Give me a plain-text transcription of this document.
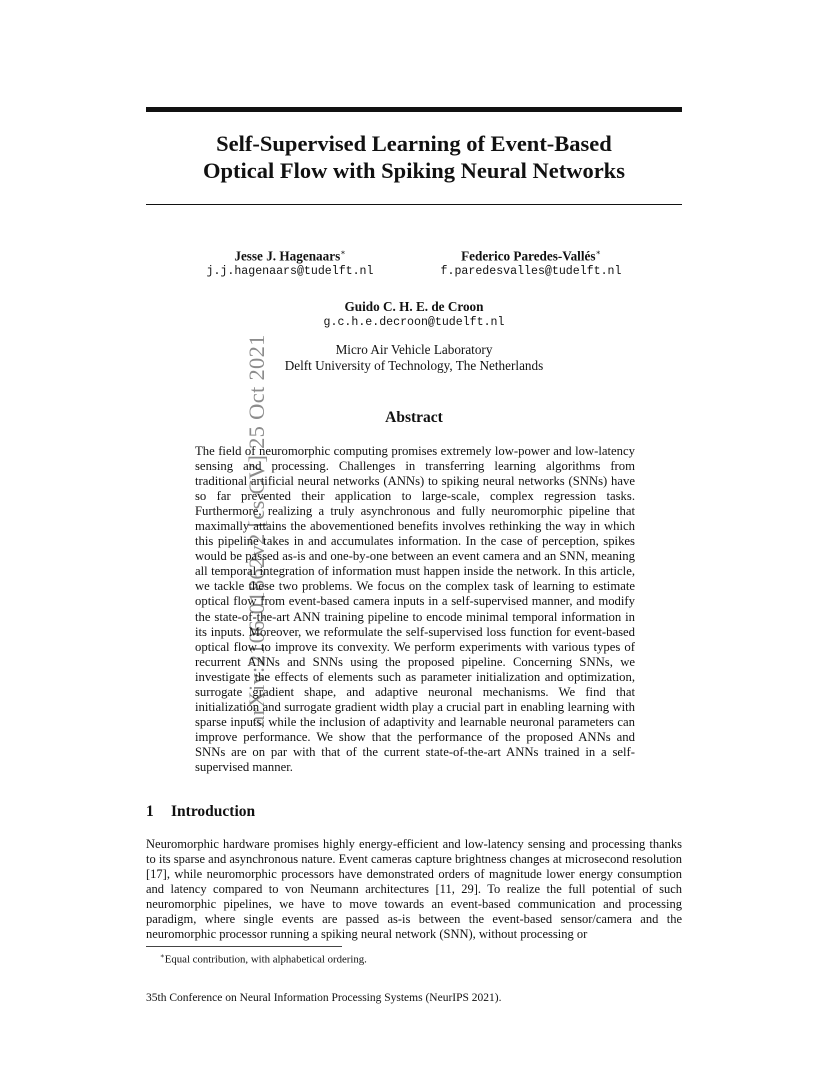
arXiv:2106.01862v2 [cs.CV] 25 Oct 2021
Self-Supervised Learning of Event-Based
Optical Flow with Spiking Neural Networks
Jesse J. Hagenaars∗
j.j.hagenaars@tudelft.nl
Federico Paredes-Vallés∗
f.paredesvalles@tudelft.nl
Guido C. H. E. de Croon
g.c.h.e.decroon@tudelft.nl
Micro Air Vehicle Laboratory
Delft University of Technology, The Netherlands
Abstract
The field of neuromorphic computing promises extremely low-power and low-latency sensing and processing. Challenges in transferring learning algorithms from traditional artificial neural networks (ANNs) to spiking neural networks (SNNs) have so far prevented their application to large-scale, complex regression tasks. Furthermore, realizing a truly asynchronous and fully neuromorphic pipeline that maximally attains the abovementioned benefits involves rethinking the way in which this pipeline takes in and accumulates information. In the case of perception, spikes would be passed as-is and one-by-one between an event camera and an SNN, meaning all temporal integration of information must happen inside the network. In this article, we tackle these two problems. We focus on the complex task of learning to estimate optical flow from event-based camera inputs in a self-supervised manner, and modify the state-of-the-art ANN training pipeline to encode minimal temporal information in its inputs. Moreover, we reformulate the self-supervised loss function for event-based optical flow to improve its convexity. We perform experiments with various types of recurrent ANNs and SNNs using the proposed pipeline. Concerning SNNs, we investigate the effects of elements such as parameter initialization and optimization, surrogate gradient shape, and adaptive neuronal mechanisms. We find that initialization and surrogate gradient width play a crucial part in enabling learning with sparse inputs, while the inclusion of adaptivity and learnable neuronal parameters can improve performance. We show that the performance of the proposed ANNs and SNNs are on par with that of the current state-of-the-art ANNs trained in a self-supervised manner.
1 Introduction
Neuromorphic hardware promises highly energy-efficient and low-latency sensing and processing thanks to its sparse and asynchronous nature. Event cameras capture brightness changes at microsecond resolution [17], while neuromorphic processors have demonstrated orders of magnitude lower energy consumption and latency compared to von Neumann architectures [11, 29]. To realize the full potential of such neuromorphic pipelines, we have to move towards an event-based communication and processing paradigm, where single events are passed as-is between the event-based sensor/camera and the neuromorphic processor running a spiking neural network (SNN), without processing or
∗Equal contribution, with alphabetical ordering.
35th Conference on Neural Information Processing Systems (NeurIPS 2021).
